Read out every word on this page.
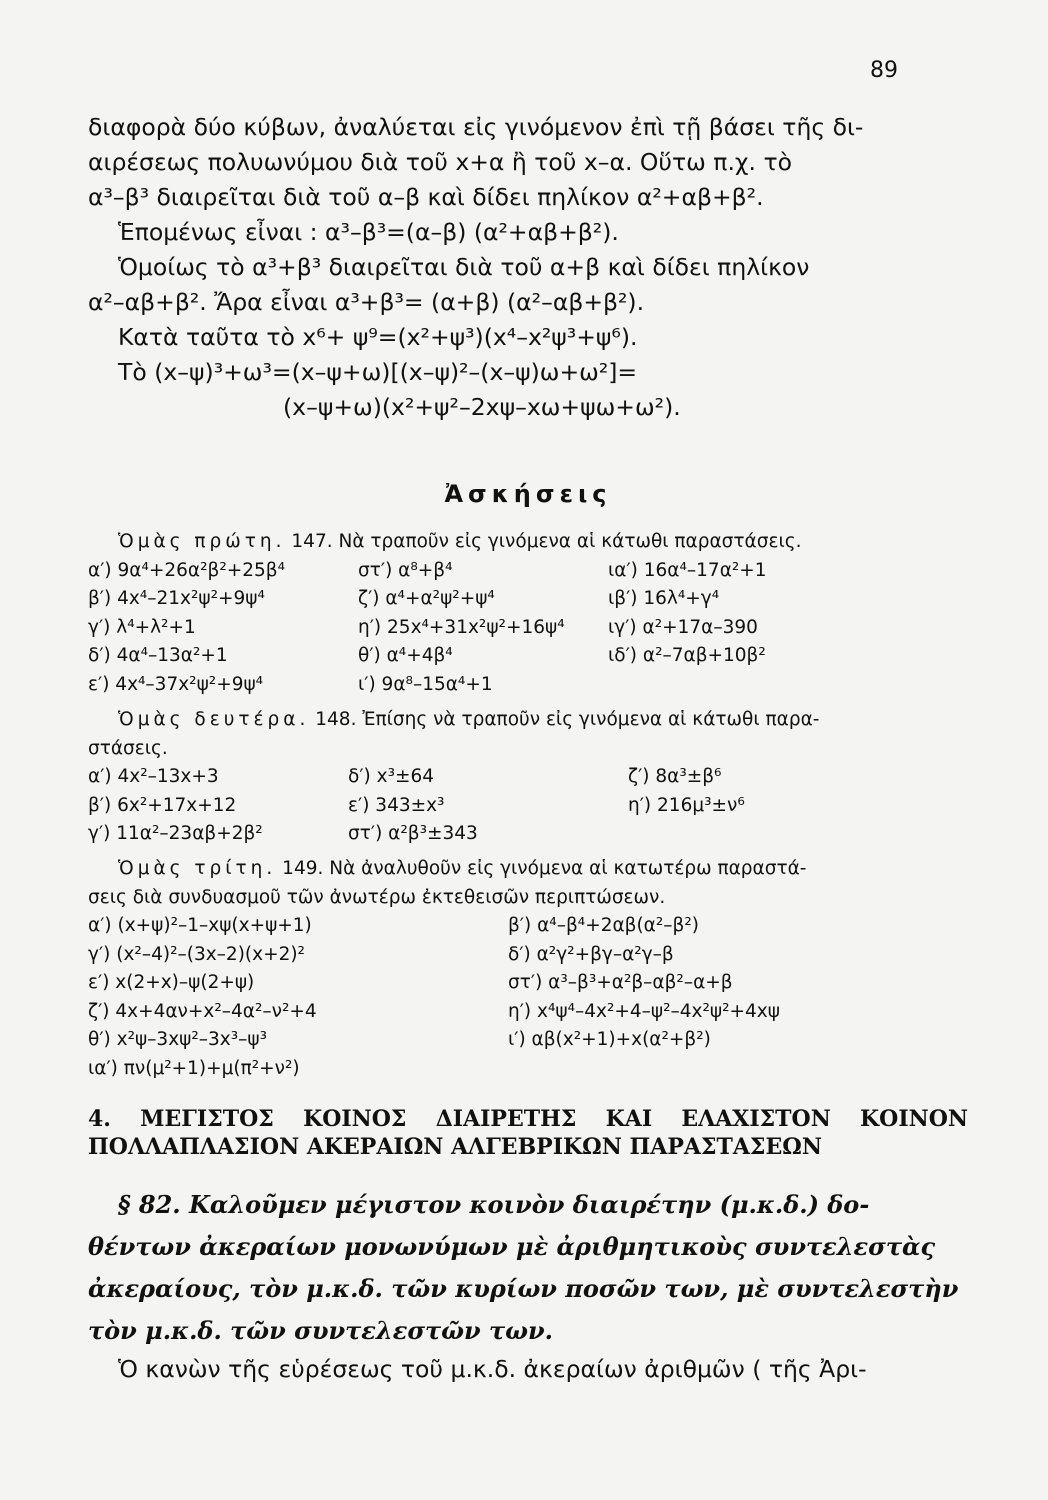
89
διαφορὰ δύο κύβων, ἀναλύεται εἰς γινόμενον ἐπὶ τῇ βάσει τῆς δι-
αιρέσεως πολυωνύμου διὰ τοῦ x+α ἢ τοῦ x–α. Οὕτω π.χ. τὸ
α³–β³ διαιρεῖται διὰ τοῦ α–β καὶ δίδει πηλίκον α²+αβ+β².
Ἑπομένως εἶναι : α³–β³=(α–β) (α²+αβ+β²).
Ὁμοίως τὸ α³+β³ διαιρεῖται διὰ τοῦ α+β καὶ δίδει πηλίκον
α²–αβ+β². Ἄρα εἶναι α³+β³= (α+β) (α²–αβ+β²).
Κατὰ ταῦτα τὸ x⁶+ ψ⁹=(x²+ψ³)(x⁴–x²ψ³+ψ⁶).
Τὸ (x–ψ)³+ω³=(x–ψ+ω)[(x–ψ)²–(x–ψ)ω+ω²]=
(x–ψ+ω)(x²+ψ²–2xψ–xω+ψω+ω²).
Ἀσκήσεις
Ὁμὰς πρώτη. 147. Νὰ τραποῦν εἰς γινόμενα αἱ κάτωθι παραστάσεις.
α′) 9α⁴+26α²β²+25β⁴	στ′) α⁸+β⁴	ια′) 16α⁴–17α²+1
β′) 4x⁴–21x²ψ²+9ψ⁴	ζ′) α⁴+α²ψ²+ψ⁴	ιβ′) 16λ⁴+γ⁴
γ′) λ⁴+λ²+1	η′) 25x⁴+31x²ψ²+16ψ⁴	ιγ′) α²+17α–390
δ′) 4α⁴–13α²+1	θ′) α⁴+4β⁴	ιδ′) α²–7αβ+10β²
ε′) 4x⁴–37x²ψ²+9ψ⁴	ι′) 9α⁸–15α⁴+1
Ὁμὰς δευτέρα. 148. Ἐπίσης νὰ τραποῦν εἰς γινόμενα αἱ κάτωθι παρα-
στάσεις.
α′) 4x²–13x+3	δ′) x³±64	ζ′) 8α³±β⁶
β′) 6x²+17x+12	ε′) 343±x³	η′) 216μ³±ν⁶
γ′) 11α²–23αβ+2β²	στ′) α²β³±343
Ὁμὰς τρίτη. 149. Νὰ ἀναλυθοῦν εἰς γινόμενα αἱ κατωτέρω παραστά-
σεις διὰ συνδυασμοῦ τῶν ἀνωτέρω ἐκτεθεισῶν περιπτώσεων.
α′) (x+ψ)²–1–xψ(x+ψ+1)	β′) α⁴–β⁴+2αβ(α²–β²)
γ′) (x²–4)²–(3x–2)(x+2)²	δ′) α²γ²+βγ–α²γ–β
ε′) x(2+x)–ψ(2+ψ)	στ′) α³–β³+α²β–αβ²–α+β
ζ′) 4x+4αν+x²–4α²–ν²+4	η′) x⁴ψ⁴–4x²+4–ψ²–4x²ψ²+4xψ
θ′) x²ψ–3xψ²–3x³–ψ³	ι′) αβ(x²+1)+x(α²+β²)
ια′) πν(μ²+1)+μ(π²+ν²)
4. ΜΕΓΙΣΤΟΣ ΚΟΙΝΟΣ ΔΙΑΙΡΕΤΗΣ ΚΑΙ ΕΛΑΧΙΣΤΟΝ ΚΟΙΝΟΝ ΠΟΛΛΑΠΛΑΣΙΟΝ ΑΚΕΡΑΙΩΝ ΑΛΓΕΒΡΙΚΩΝ ΠΑΡΑΣΤΑΣΕΩΝ
§ 82. Καλοῦμεν μέγιστον κοινὸν διαιρέτην (μ.κ.δ.) δο-
θέντων ἀκεραίων μονωνύμων μὲ ἀριθμητικοὺς συντελεστὰς
ἀκεραίους, τὸν μ.κ.δ. τῶν κυρίων ποσῶν των, μὲ συντελεστὴν
τὸν μ.κ.δ. τῶν συντελεστῶν των.
Ὁ κανὼν τῆς εὑρέσεως τοῦ μ.κ.δ. ἀκεραίων ἀριθμῶν ( τῆς Ἀρι-
